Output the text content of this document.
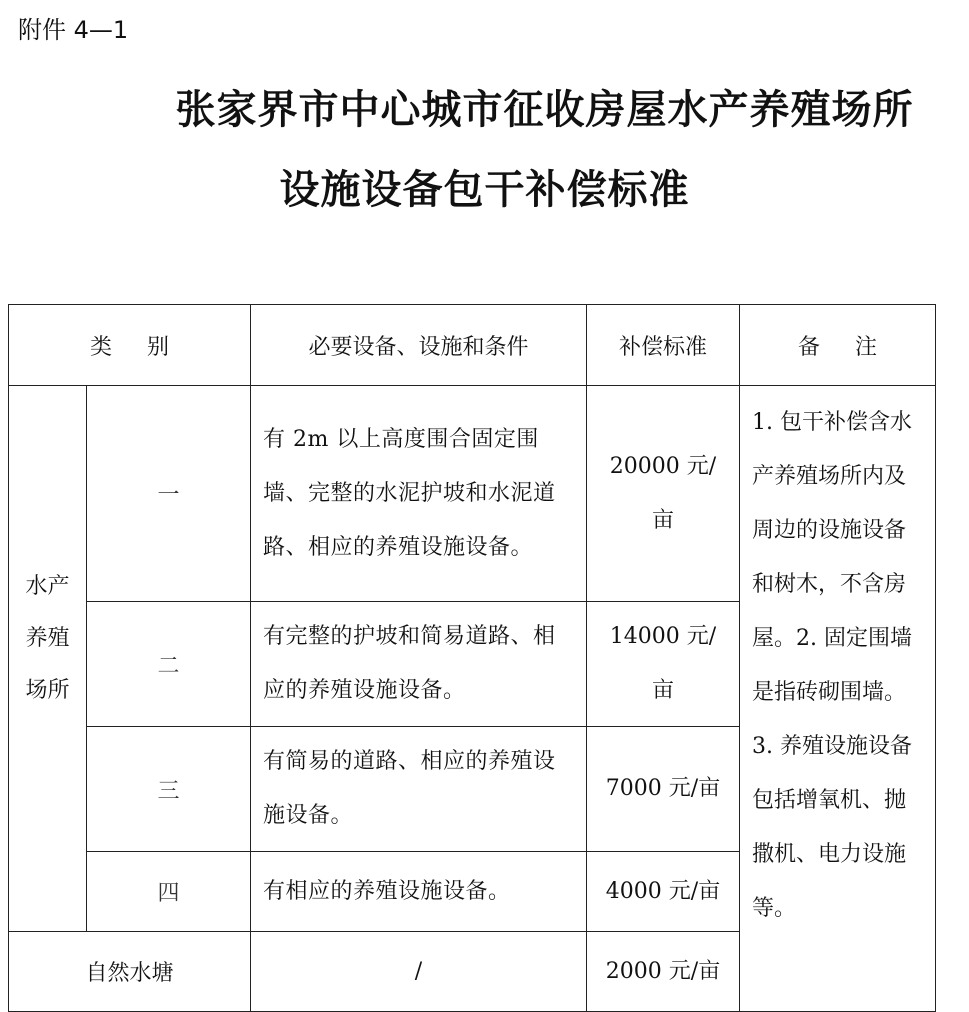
附件 4—1
张家界市中心城市征收房屋水产养殖场所
设施设备包干补偿标准
类 别		必要设备、设施和条件	补偿标准	备 注

水产养殖场所	一	有 2m 以上高度围合固定围墙、完整的水泥护坡和水泥道路、相应的养殖设施设备。	20000 元/亩	1. 包干补偿含水产养殖场所内及周边的设施设备和树木，不含房屋。2. 固定围墙是指砖砌围墙。3. 养殖设施设备包括增氧机、抛撒机、电力设施等。
	二	有完整的护坡和简易道路、相应的养殖设施设备。	14000 元/亩	

	三	有简易的道路、相应的养殖设施设备。	7000 元/亩	
	四	有相应的养殖设施设备。	4000 元/亩	
自然水塘		/	2000 元/亩	
